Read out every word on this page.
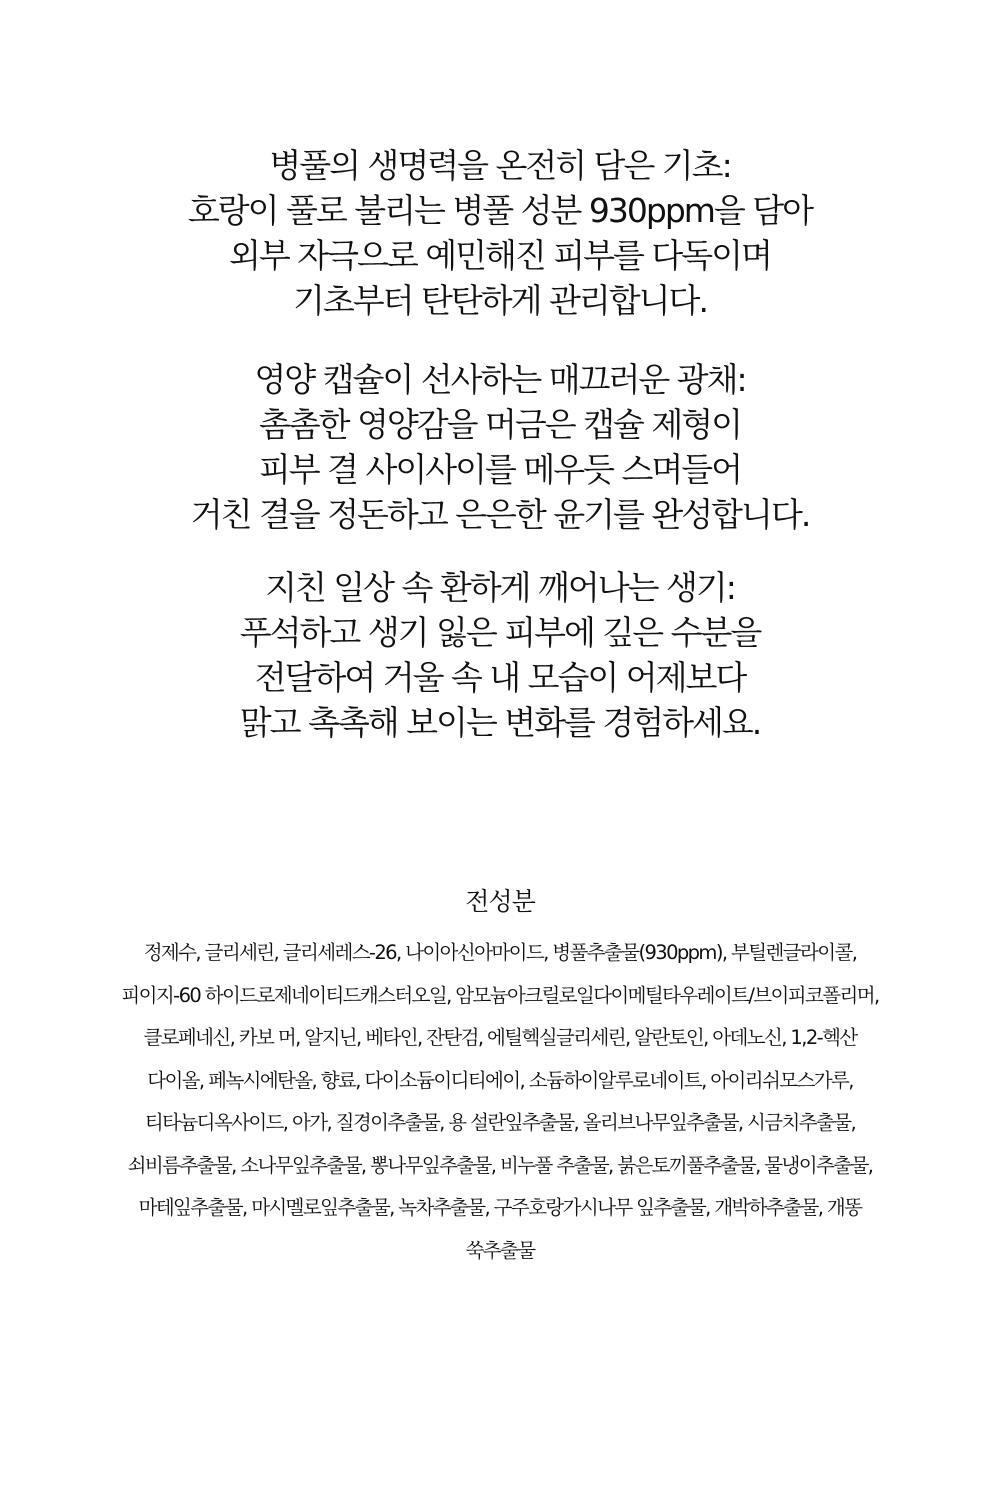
병풀의 생명력을 온전히 담은 기초:
호랑이 풀로 불리는 병풀 성분 930ppm을 담아
외부 자극으로 예민해진 피부를 다독이며
기초부터 탄탄하게 관리합니다.
영양 캡슐이 선사하는 매끄러운 광채:
촘촘한 영양감을 머금은 캡슐 제형이
피부 결 사이사이를 메우듯 스며들어
거친 결을 정돈하고 은은한 윤기를 완성합니다.
지친 일상 속 환하게 깨어나는 생기:
푸석하고 생기 잃은 피부에 깊은 수분을
전달하여 거울 속 내 모습이 어제보다
맑고 촉촉해 보이는 변화를 경험하세요.
전성분
정제수, 글리세린, 글리세레스-26, 나이아신아마이드, 병풀추출물(930ppm), 부틸렌글라이콜,
피이지-60 하이드로제네이티드캐스터오일, 암모늄아크릴로일다이메틸타우레이트/브이피코폴리머,
클로페네신, 카보 머, 알지닌, 베타인, 잔탄검, 에틸헥실글리세린, 알란토인, 아데노신, 1,2-헥산
다이올, 페녹시에탄올, 향료, 다이소듐이디티에이, 소듐하이알루로네이트, 아이리쉬모스가루,
티타늄디옥사이드, 아가, 질경이추출물, 용 설란잎추출물, 올리브나무잎추출물, 시금치추출물,
쇠비름추출물, 소나무잎추출물, 뽕나무잎추출물, 비누풀 추출물, 붉은토끼풀추출물, 물냉이추출물,
마테잎추출물, 마시멜로잎추출물, 녹차추출물, 구주호랑가시나무 잎추출물, 개박하추출물, 개똥
쑥추출물
